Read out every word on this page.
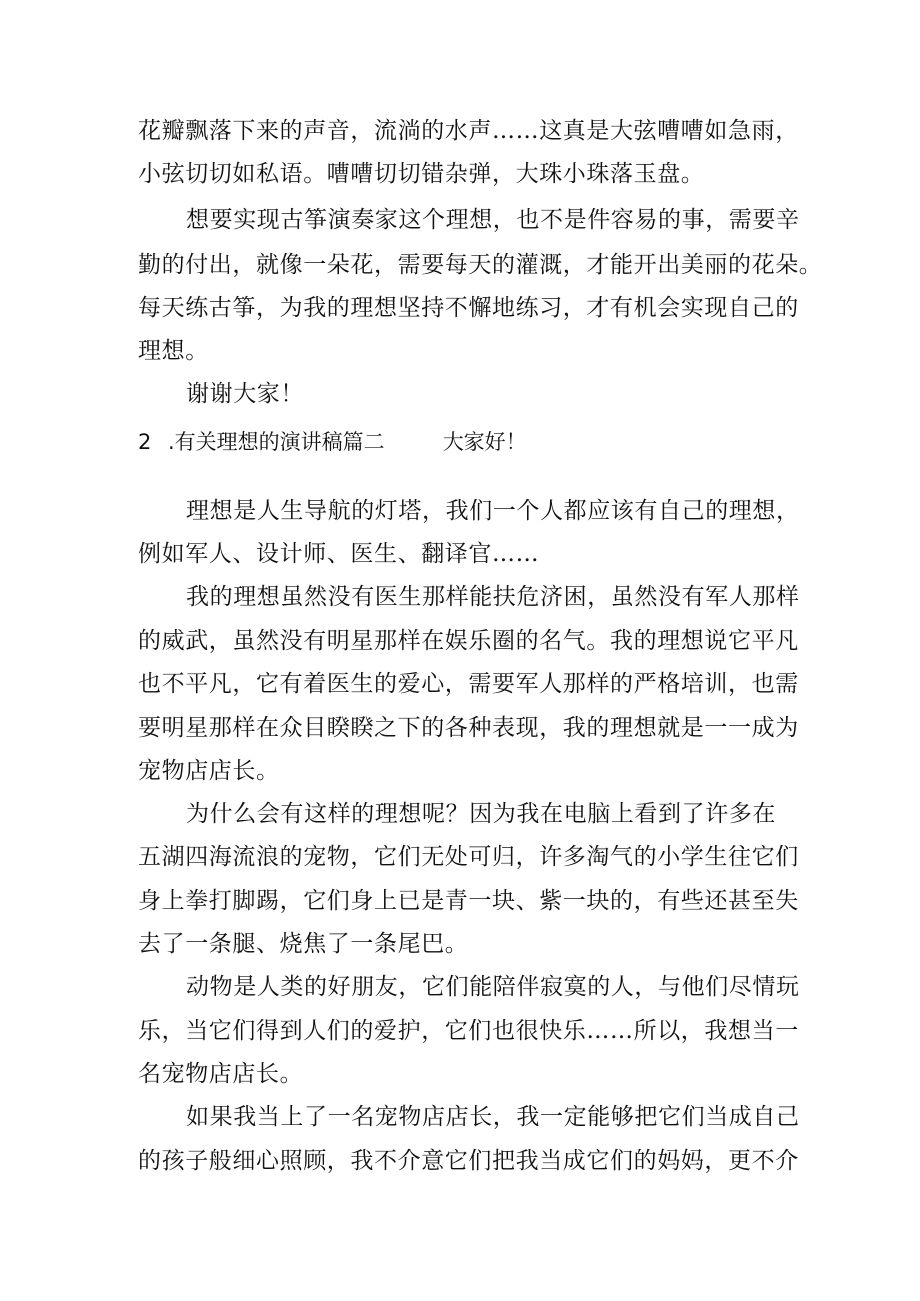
花瓣飘落下来的声音，流淌的水声……这真是大弦嘈嘈如急雨，
小弦切切如私语。嘈嘈切切错杂弹，大珠小珠落玉盘。
想要实现古筝演奏家这个理想，也不是件容易的事，需要辛
勤的付出，就像一朵花，需要每天的灌溉，才能开出美丽的花朵。
每天练古筝，为我的理想坚持不懈地练习，才有机会实现自己的
理想。
谢谢大家！
2 .有关理想的演讲稿篇二	大家好！
理想是人生导航的灯塔，我们一个人都应该有自己的理想，
例如军人、设计师、医生、翻译官……
我的理想虽然没有医生那样能扶危济困，虽然没有军人那样
的威武，虽然没有明星那样在娱乐圈的名气。我的理想说它平凡
也不平凡，它有着医生的爱心，需要军人那样的严格培训，也需
要明星那样在众目睽睽之下的各种表现，我的理想就是一一成为
宠物店店长。
为什么会有这样的理想呢？因为我在电脑上看到了许多在
五湖四海流浪的宠物，它们无处可归，许多淘气的小学生往它们
身上拳打脚踢，它们身上已是青一块、紫一块的，有些还甚至失
去了一条腿、烧焦了一条尾巴。
动物是人类的好朋友，它们能陪伴寂寞的人，与他们尽情玩
乐，当它们得到人们的爱护，它们也很快乐……所以，我想当一
名宠物店店长。
如果我当上了一名宠物店店长，我一定能够把它们当成自己
的孩子般细心照顾，我不介意它们把我当成它们的妈妈，更不介
